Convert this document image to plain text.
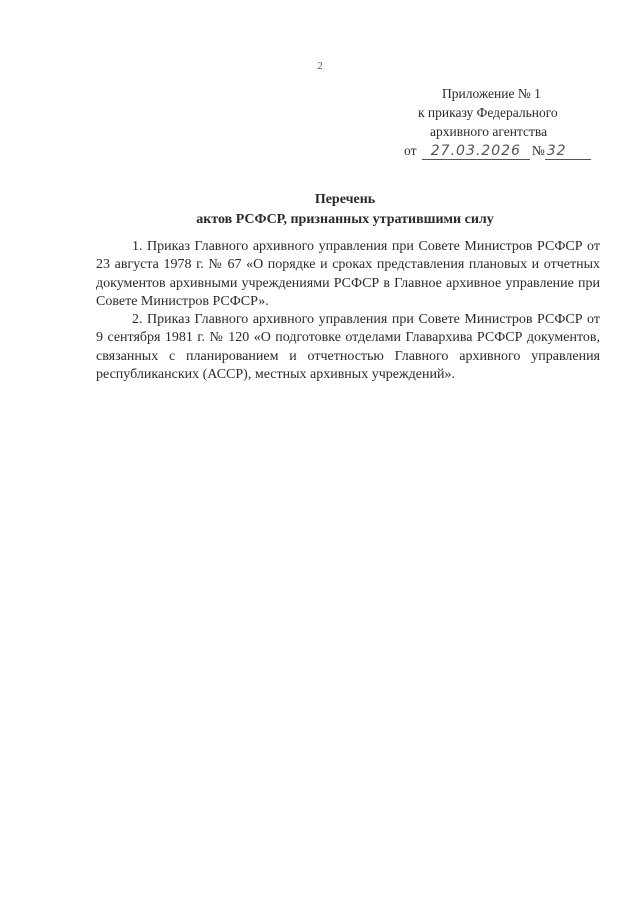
2
Приложение № 1
к приказу Федерального
архивного агентства
от 27.03.2026 № 32
Перечень
актов РСФСР, признанных утратившими силу

1. Приказ Главного архивного управления при Совете Министров РСФСР от 23 августа 1978 г. № 67 «О порядке и сроках представления плановых и отчетных документов архивными учреждениями РСФСР в Главное архивное управление при Совете Министров РСФСР».

2. Приказ Главного архивного управления при Совете Министров РСФСР от 9 сентября 1981 г. № 120 «О подготовке отделами Главархива РСФСР документов, связанных с планированием и отчетностью Главного архивного управления республиканских (АССР), местных архивных учреждений».
